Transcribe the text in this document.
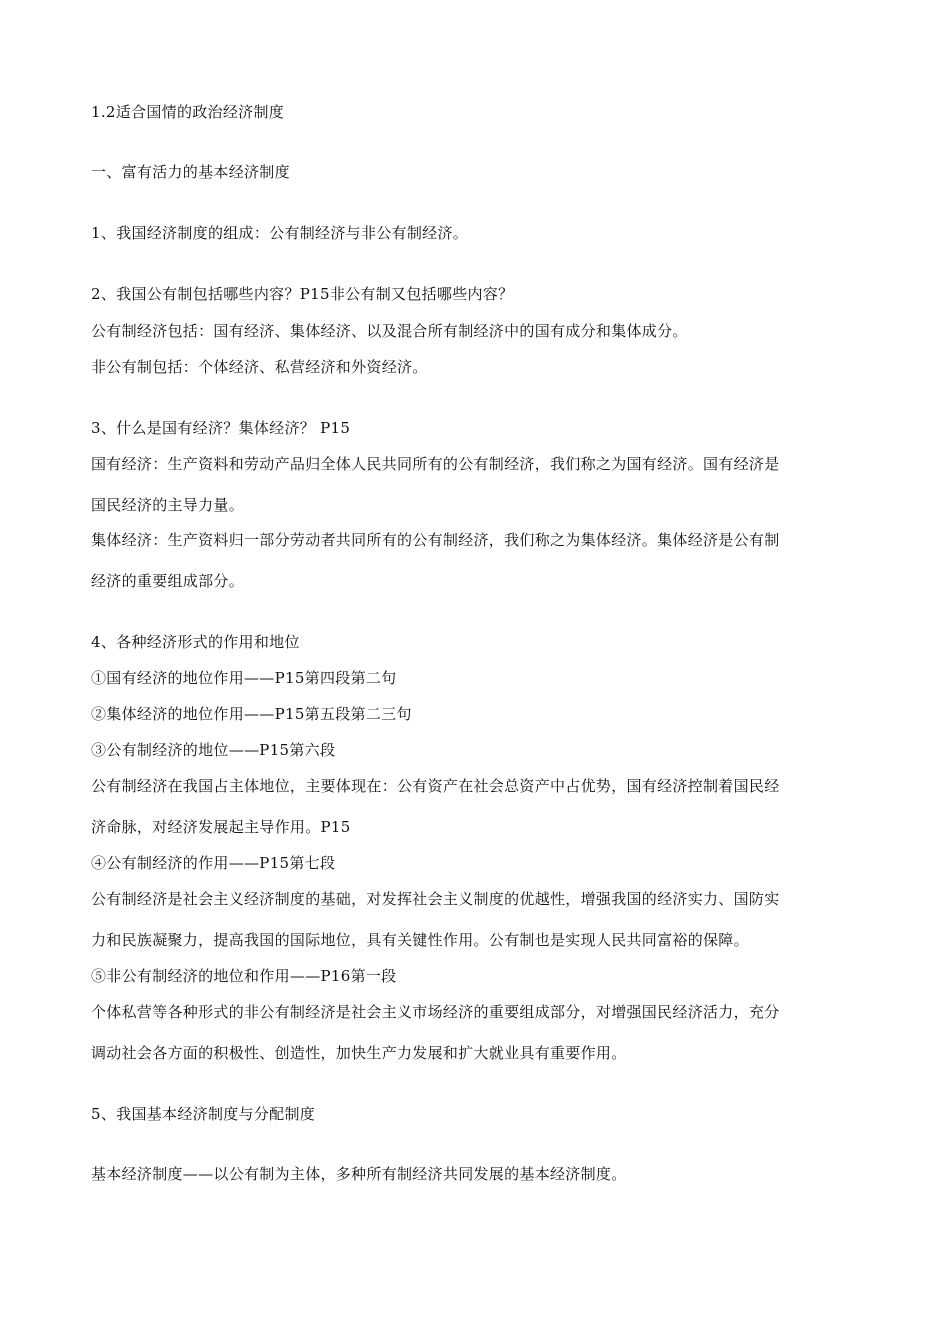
1.2适合国情的政治经济制度
一、富有活力的基本经济制度
1、我国经济制度的组成：公有制经济与非公有制经济。
2、我国公有制包括哪些内容？P15非公有制又包括哪些内容？
公有制经济包括：国有经济、集体经济、以及混合所有制经济中的国有成分和集体成分。
非公有制包括：个体经济、私营经济和外资经济。
3、什么是国有经济？集体经济？ P15
国有经济：生产资料和劳动产品归全体人民共同所有的公有制经济，我们称之为国有经济。国有经济是
国民经济的主导力量。
集体经济：生产资料归一部分劳动者共同所有的公有制经济，我们称之为集体经济。集体经济是公有制
经济的重要组成部分。
4、各种经济形式的作用和地位
①国有经济的地位作用——P15第四段第二句
②集体经济的地位作用——P15第五段第二三句
③公有制经济的地位——P15第六段
公有制经济在我国占主体地位，主要体现在：公有资产在社会总资产中占优势，国有经济控制着国民经
济命脉，对经济发展起主导作用。P15
④公有制经济的作用——P15第七段
公有制经济是社会主义经济制度的基础，对发挥社会主义制度的优越性，增强我国的经济实力、国防实
力和民族凝聚力，提高我国的国际地位，具有关键性作用。公有制也是实现人民共同富裕的保障。
⑤非公有制经济的地位和作用——P16第一段
个体私营等各种形式的非公有制经济是社会主义市场经济的重要组成部分，对增强国民经济活力，充分
调动社会各方面的积极性、创造性，加快生产力发展和扩大就业具有重要作用。
5、我国基本经济制度与分配制度
基本经济制度——以公有制为主体，多种所有制经济共同发展的基本经济制度。
